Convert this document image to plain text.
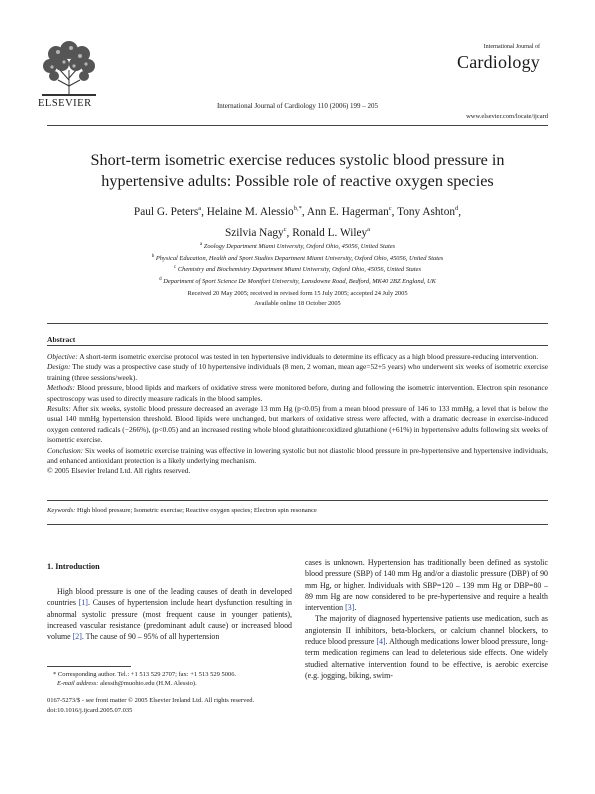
ELSEVIER	International Journal of Cardiology 110 (2006) 199 – 205
International Journal of
Cardiology
www.elsevier.com/locate/ijcard
Short-term isometric exercise reduces systolic blood pressure in
hypertensive adults: Possible role of reactive oxygen species
Paul G. Peters$^a$, Helaine M. Alessio$^{b,*}$, Ann E. Hagerman$^c$, Tony Ashton$^d$,
Szilvia Nagy$^c$, Ronald L. Wiley$^a$
$^a$ Zoology Department Miami University, Oxford Ohio, 45056, United States
$^b$ Physical Education, Health and Sport Studies Department Miami University, Oxford Ohio, 45056, United States
$^c$ Chemistry and Biochemistry Department Miami University, Oxford Ohio, 45056, United States
$^d$ Department of Sport Science De Montfort University, Lansdowne Road, Bedford, MK40 2BZ England, UK
Received 20 May 2005; received in revised form 15 July 2005; accepted 24 July 2005
Available online 18 October 2005
Abstract

Objective: A short-term isometric exercise protocol was tested in ten hypertensive individuals to determine its efficacy as a high blood pressure-reducing intervention.

Design: The study was a prospective case study of 10 hypertensive individuals (8 men, 2 woman, mean age=52+5 years) who underwent six weeks of isometric exercise training (three sessions/week).

Methods: Blood pressure, blood lipids and markers of oxidative stress were monitored before, during and following the isometric intervention. Electron spin resonance spectroscopy was used to directly measure radicals in the blood samples.

Results: After six weeks, systolic blood pressure decreased an average 13 mm Hg (p<0.05) from a mean blood pressure of 146 to 133 mmHg, a level that is below the usual 140 mmHg hypertension threshold. Blood lipids were unchanged, but markers of oxidative stress were affected, with a dramatic decrease in exercise-induced oxygen centered radicals (−266%), (p<0.05) and an increased resting whole blood glutathione:oxidized glutathione (+61%) in hypertensive adults following six weeks of isometric exercise.

Conclusion: Six weeks of isometric exercise training was effective in lowering systolic but not diastolic blood pressure in pre-hypertensive and hypertensive individuals, and enhanced antioxidant protection is a likely underlying mechanism.

© 2005 Elsevier Ireland Ltd. All rights reserved.

Keywords: High blood pressure; Isometric exercise; Reactive oxygen species; Electron spin resonance
1. Introduction

High blood pressure is one of the leading causes of death in developed countries [1]. Causes of hypertension include heart dysfunction resulting in abnormal systolic pressure (most frequent cause in younger patients), increased vascular resistance (predominant adult cause) or increased blood volume [2]. The cause of 90 – 95% of all hypertension

cases is unknown. Hypertension has traditionally been defined as systolic blood pressure (SBP) of 140 mm Hg and/or a diastolic pressure (DBP) of 90 mm Hg, or higher. Individuals with SBP=120 – 139 mm Hg or DBP=80 – 89 mm Hg are now considered to be pre-hypertensive and require a health intervention [3].

The majority of diagnosed hypertensive patients use medication, such as angiotensin II inhibitors, beta-blockers, or calcium channel blockers, to reduce blood pressure [4]. Although medications lower blood pressure, long-term medication regimens can lead to deleterious side effects. One widely studied alternative intervention found to be effective, is aerobic exercise (e.g. jogging, biking, swim-

* Corresponding author. Tel.: +1 513 529 2707; fax: +1 513 529 5006.
E-mail address: alessih@muohio.edu (H.M. Alessio).
0167-5273/$ - see front matter © 2005 Elsevier Ireland Ltd. All rights reserved.
doi:10.1016/j.ijcard.2005.07.035
